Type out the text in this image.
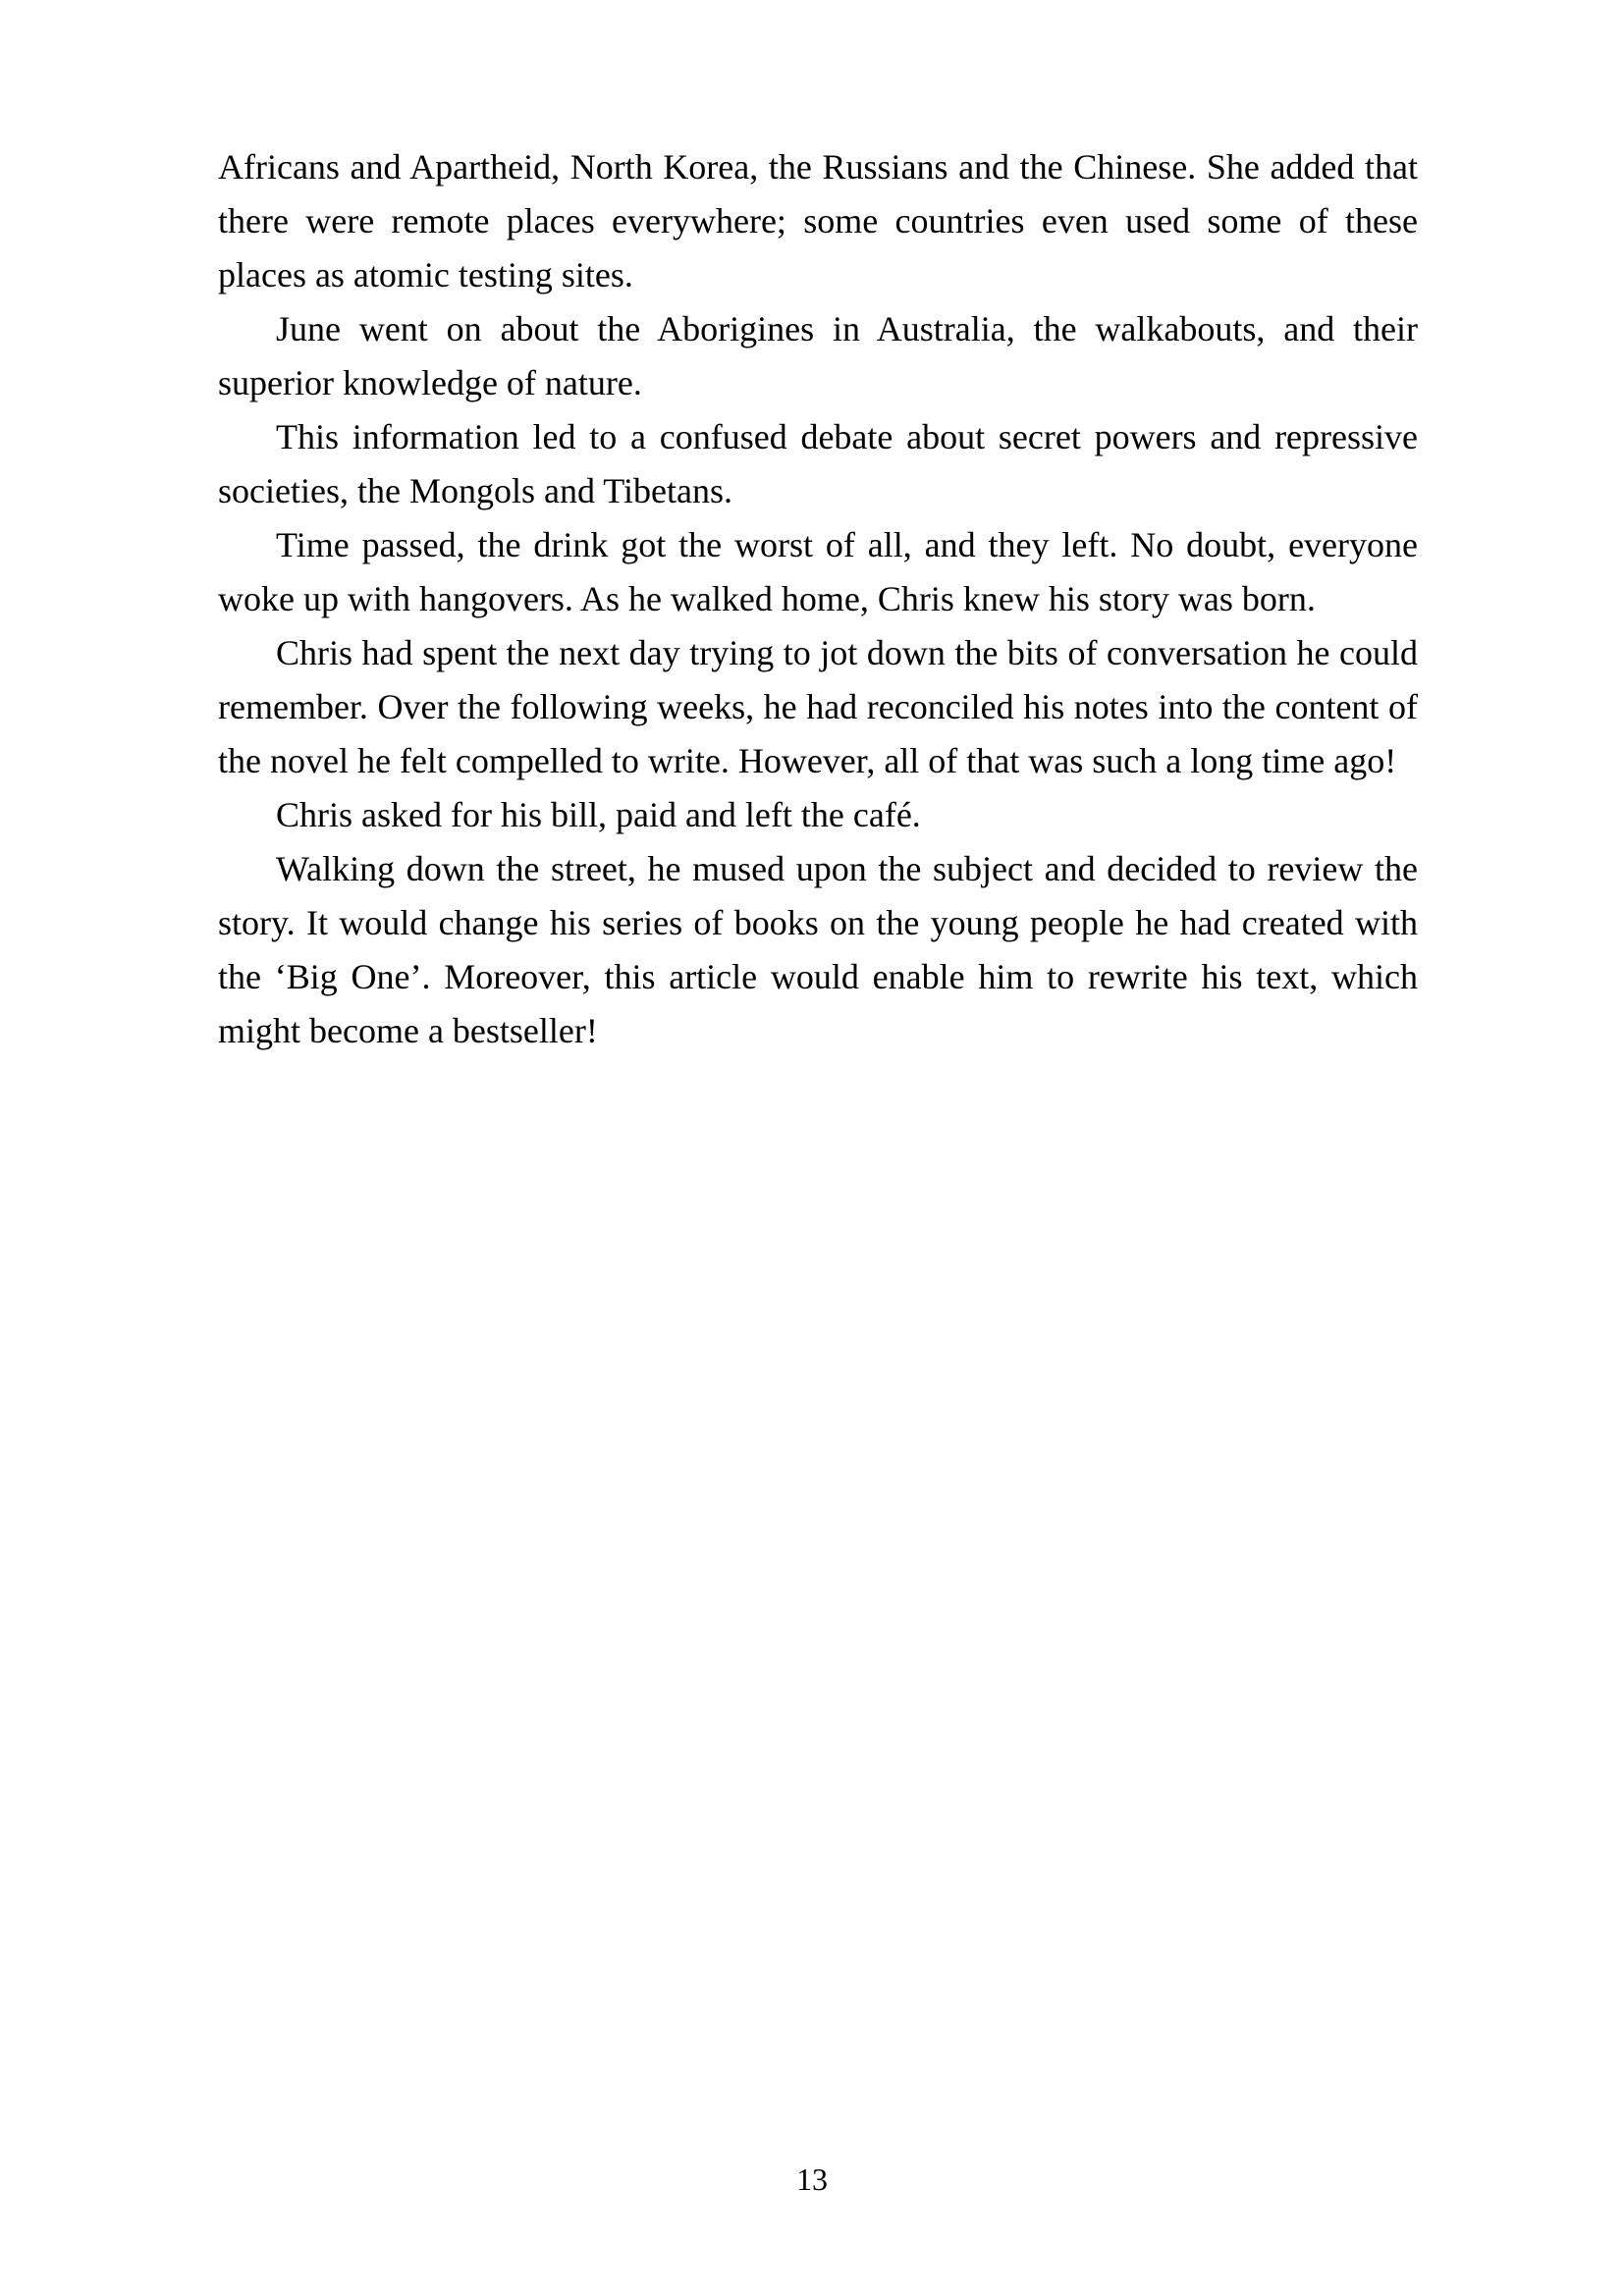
Africans and Apartheid, North Korea, the Russians and the Chinese. She added that there were remote places everywhere; some countries even used some of these places as atomic testing sites.

June went on about the Aborigines in Australia, the walkabouts, and their superior knowledge of nature.

This information led to a confused debate about secret powers and repressive societies, the Mongols and Tibetans.

Time passed, the drink got the worst of all, and they left. No doubt, everyone woke up with hangovers. As he walked home, Chris knew his story was born.

Chris had spent the next day trying to jot down the bits of conversation he could remember. Over the following weeks, he had reconciled his notes into the content of the novel he felt compelled to write. However, all of that was such a long time ago!

Chris asked for his bill, paid and left the café.

Walking down the street, he mused upon the subject and decided to review the story. It would change his series of books on the young people he had created with the ‘Big One’. Moreover, this article would enable him to rewrite his text, which might become a bestseller!

13
